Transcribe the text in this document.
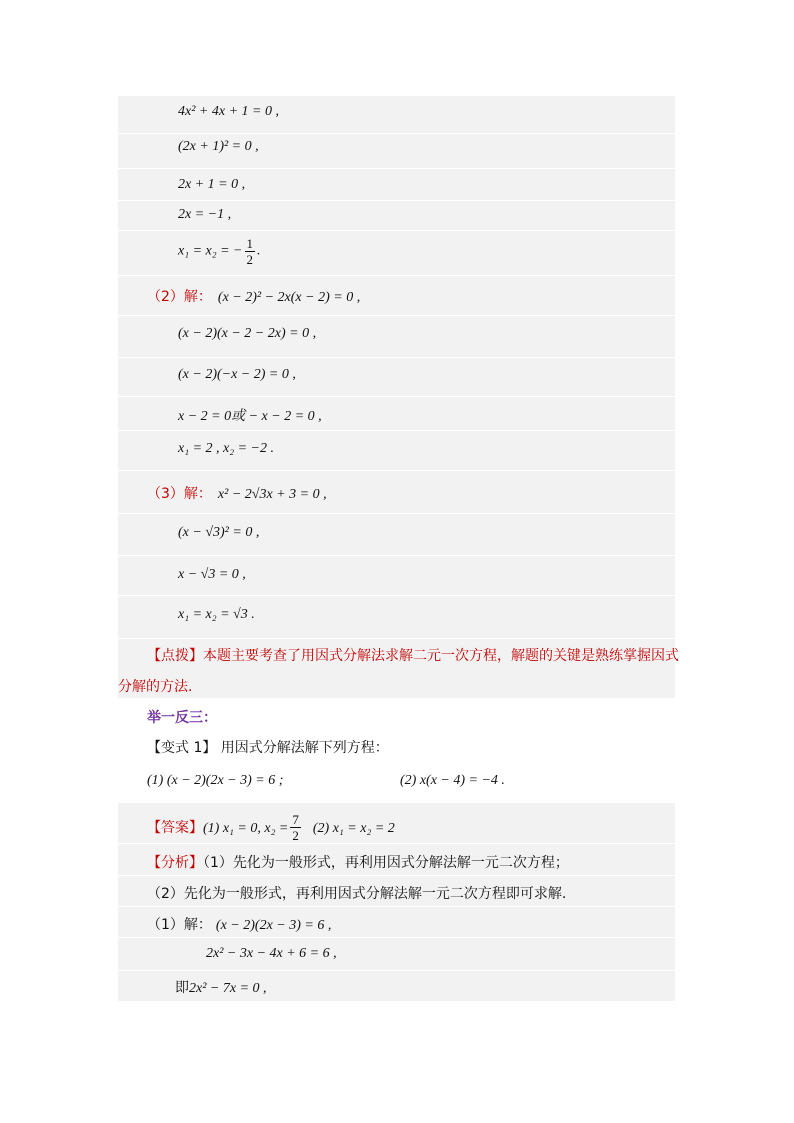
4x² + 4x + 1 = 0 ,
(2x + 1)² = 0 ,
2x + 1 = 0 ,
2x = −1 ,
x₁ = x₂ = − $\frac{1}{2}$ .
（2）解： (x − 2)² − 2x(x − 2) = 0 ,
(x − 2)(x − 2 − 2x) = 0 ,
(x − 2)(−x − 2) = 0 ,
x − 2 = 0或 − x − 2 = 0 ,
x₁ = 2 , x₂ = −2 .
（3）解： x² − 2√3x + 3 = 0 ,
(x − √3)² = 0 ,
x − √3 = 0 ,
x₁ = x₂ = √3 .
【点拨】本题主要考查了用因式分解法求解二元一次方程，解题的关键是熟练掌握因式
分解的方法.
举一反三：
【变式 1】 用因式分解法解下列方程：
(1) (x − 2)(2x − 3) = 6 ;	(2) x(x − 4) = −4 .
【答案】(1) x₁ = 0, $x_2 = \frac{7}{2} (2) x_1 = x_2 = 2$
【分析】（1）先化为一般形式，再利用因式分解法解一元二次方程；
（2）先化为一般形式，再利用因式分解法解一元二次方程即可求解.
（1）解： (x − 2)(2x − 3) = 6 ,
2x² − 3x − 4x + 6 = 6 ,
即2x² − 7x = 0 ,
